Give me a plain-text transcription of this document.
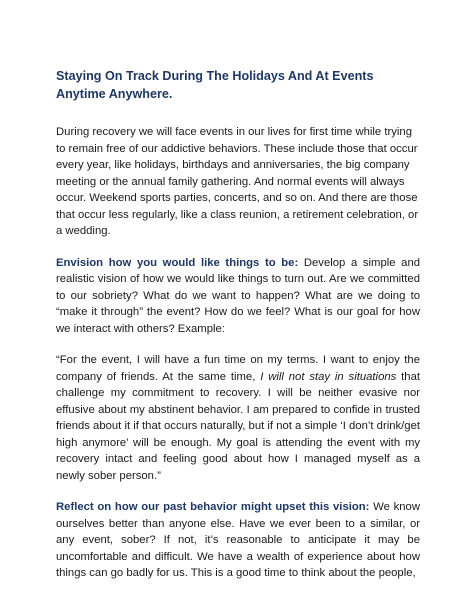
Staying On Track During The Holidays And At Events Anytime Anywhere.

During recovery we will face events in our lives for first time while trying to remain free of our addictive behaviors. These include those that occur every year, like holidays, birthdays and anniversaries, the big company meeting or the annual family gathering. And normal events will always occur. Weekend sports parties, concerts, and so on. And there are those that occur less regularly, like a class reunion, a retirement celebration, or a wedding.

Envision how you would like things to be: Develop a simple and realistic vision of how we would like things to turn out. Are we committed to our sobriety? What do we want to happen? What are we doing to “make it through” the event? How do we feel? What is our goal for how we interact with others? Example:

“For the event, I will have a fun time on my terms. I want to enjoy the company of friends. At the same time, I will not stay in situations that challenge my commitment to recovery. I will be neither evasive nor effusive about my abstinent behavior. I am prepared to confide in trusted friends about it if that occurs naturally, but if not a simple ‘I don’t drink/get high anymore’ will be enough. My goal is attending the event with my recovery intact and feeling good about how I managed myself as a newly sober person.”

Reflect on how our past behavior might upset this vision: We know ourselves better than anyone else. Have we ever been to a similar, or any event, sober? If not, it’s reasonable to anticipate it may be uncomfortable and difficult. We have a wealth of experience about how things can go badly for us. This is a good time to think about the people,
